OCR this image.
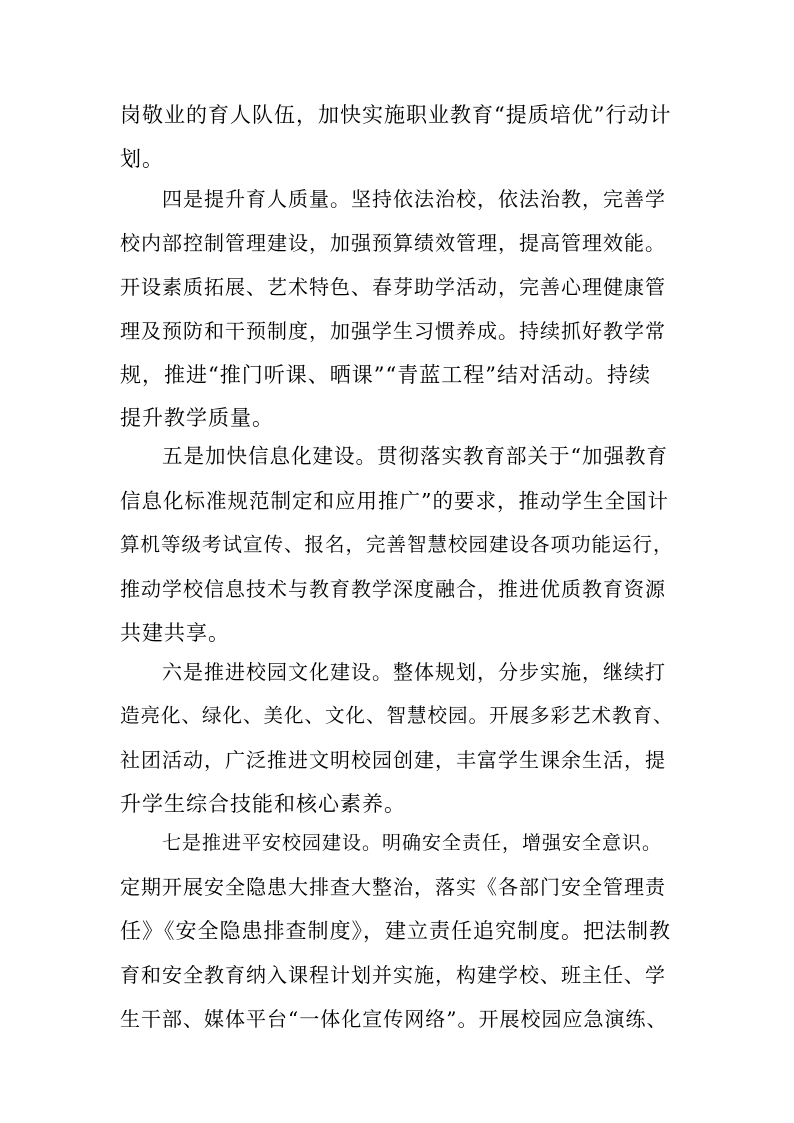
岗敬业的育人队伍，加快实施职业教育“提质培优”行动计
划。
四是提升育人质量。坚持依法治校，依法治教，完善学
校内部控制管理建设，加强预算绩效管理，提高管理效能。
开设素质拓展、艺术特色、春芽助学活动，完善心理健康管
理及预防和干预制度，加强学生习惯养成。持续抓好教学常
规，推进“推门听课、晒课”“青蓝工程”结对活动。持续
提升教学质量。
五是加快信息化建设。贯彻落实教育部关于“加强教育
信息化标准规范制定和应用推广”的要求，推动学生全国计
算机等级考试宣传、报名，完善智慧校园建设各项功能运行，
推动学校信息技术与教育教学深度融合，推进优质教育资源
共建共享。
六是推进校园文化建设。整体规划，分步实施，继续打
造亮化、绿化、美化、文化、智慧校园。开展多彩艺术教育、
社团活动，广泛推进文明校园创建，丰富学生课余生活，提
升学生综合技能和核心素养。
七是推进平安校园建设。明确安全责任，增强安全意识。
定期开展安全隐患大排查大整治，落实《各部门安全管理责
任》《安全隐患排查制度》，建立责任追究制度。把法制教
育和安全教育纳入课程计划并实施，构建学校、班主任、学
生干部、媒体平台“一体化宣传网络”。开展校园应急演练、
